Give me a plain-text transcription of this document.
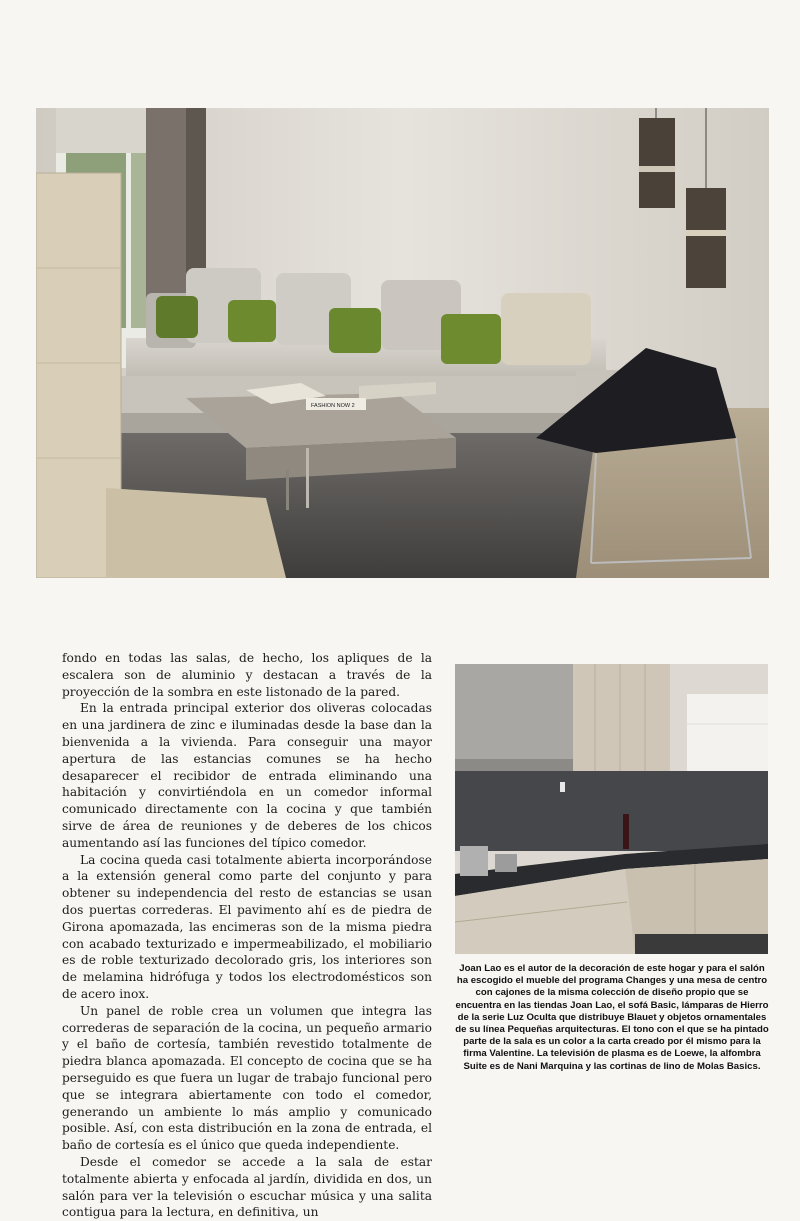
FASHION NOW 2

fondo en todas las salas, de hecho, los apliques de la escalera son de aluminio y destacan a través de la proyección de la sombra en este listonado de la pared.

En la entrada principal exterior dos oliveras colocadas en una jardinera de zinc e iluminadas desde la base dan la bienvenida a la vivienda. Para conseguir una mayor apertura de las estancias comunes se ha hecho desaparecer el recibidor de entrada eliminando una habitación y convirtiéndola en un comedor informal comunicado directamente con la cocina y que también sirve de área de reuniones y de deberes de los chicos aumentando así las funciones del típico comedor.

La cocina queda casi totalmente abierta incorporándose a la extensión general como parte del conjunto y para obtener su independencia del resto de estancias se usan dos puertas correderas. El pavimento ahí es de piedra de Girona apomazada, las encimeras son de la misma piedra con acabado texturizado e impermeabilizado, el mobiliario es de roble texturizado decolorado gris, los interiores son de melamina hidrófuga y todos los electrodomésticos son de acero inox.

Un panel de roble crea un volumen que integra las correderas de separación de la cocina, un pequeño armario y el baño de cortesía, también revestido totalmente de piedra blanca apomazada. El concepto de cocina que se ha perseguido es que fuera un lugar de trabajo funcional pero que se integrara abiertamente con todo el comedor, generando un ambiente lo más amplio y comunicado posible. Así, con esta distribución en la zona de entrada, el baño de cortesía es el único que queda independiente.

Desde el comedor se accede a la sala de estar totalmente abierta y enfocada al jardín, dividida en dos, un salón para ver la televisión o escuchar música y una salita contigua para la lectura, en definitiva, un

Joan Lao es el autor de la decoración de este hogar y para el salón ha escogido el mueble del programa Changes y una mesa de centro con cajones de la misma colección de diseño propio que se encuentra en las tiendas Joan Lao, el sofá Basic, lámparas de Hierro de la serie Luz Oculta que distribuye Blauet y objetos ornamentales de su línea Pequeñas arquitecturas. El tono con el que se ha pintado parte de la sala es un color a la carta creado por él mismo para la firma Valentine. La televisión de plasma es de Loewe, la alfombra Suite es de Nani Marquina y las cortinas de lino de Molas Basics.
